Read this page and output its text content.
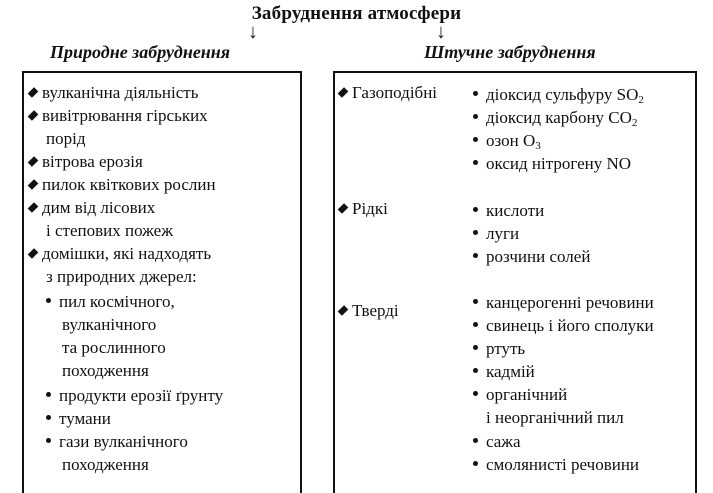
Забруднення атмосфери
↓	↓
Природне забруднення	Штучне забруднення
вулканічна діяльність
вивітрювання гірських
порід
вітрова ерозія
пилок квіткових рослин
дим від лісових
і степових пожеж
домішки, які надходять
з природних джерел:
пил космічного,
вулканічного
та рослинного
походження
продукти ерозії ґрунту
тумани
гази вулканічного
походження
Газоподібні
Рідкі
Тверді
діоксид сульфуру $SO_2$
діоксид карбону $CO_2$
озон $O_3$
оксид нітрогену NO
кислоти
луги
розчини солей
канцерогенні речовини
свинець і його сполуки
ртуть
кадмій
органічний
і неорганічний пил
сажа
смолянисті речовини
